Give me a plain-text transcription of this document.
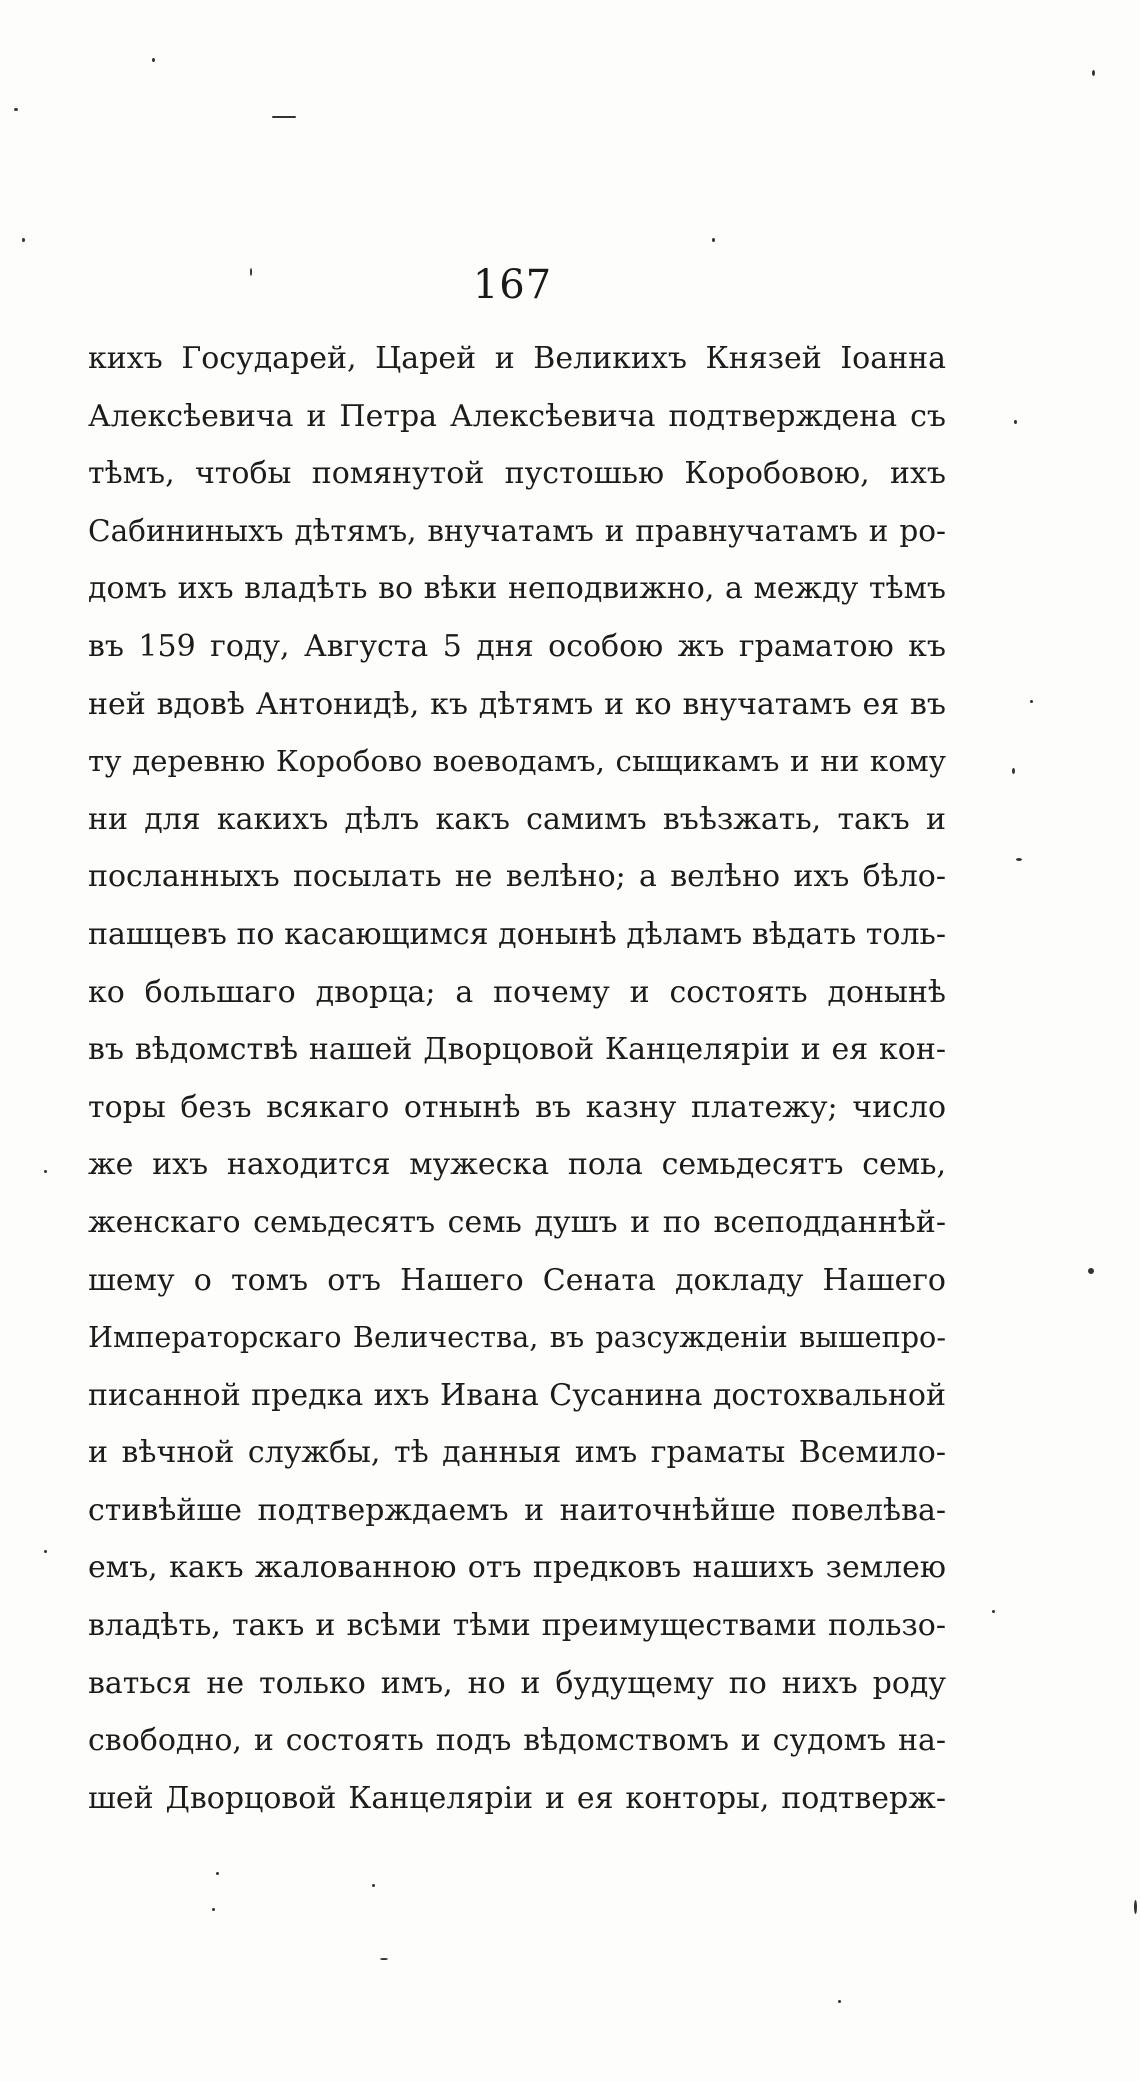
167
кихъ Государей, Царей и Великихъ Князей Іоанна
Алексѣевича и Петра Алексѣевича подтверждена съ
тѣмъ, чтобы помянутой пустошью Коробовою, ихъ
Сабининыхъ дѣтямъ, внучатамъ и правнучатамъ и ро-
домъ ихъ владѣть во вѣки неподвижно, а между тѣмъ
въ 159 году, Августа 5 дня особою жъ граматою къ
ней вдовѣ Антонидѣ, къ дѣтямъ и ко внучатамъ ея въ
ту деревню Коробово воеводамъ, сыщикамъ и ни кому
ни для какихъ дѣлъ какъ самимъ въѣзжать, такъ и
посланныхъ посылать не велѣно; а велѣно ихъ бѣло-
пашцевъ по касающимся донынѣ дѣламъ вѣдать толь-
ко большаго дворца; а почему и состоять донынѣ
въ вѣдомствѣ нашей Дворцовой Канцеляріи и ея кон-
торы безъ всякаго отнынѣ въ казну платежу; число
же ихъ находится мужеска пола семьдесятъ семь,
женскаго семьдесятъ семь душъ и по всеподданнѣй-
шему о томъ отъ Нашего Сената докладу Нашего
Императорскаго Величества, въ разсужденіи вышепро-
писанной предка ихъ Ивана Сусанина достохвальной
и вѣчной службы, тѣ данныя имъ граматы Всемило-
стивѣйше подтверждаемъ и наиточнѣйше повелѣва-
емъ, какъ жалованною отъ предковъ нашихъ землею
владѣть, такъ и всѣми тѣми преимуществами пользо-
ваться не только имъ, но и будущему по нихъ роду
свободно, и состоять подъ вѣдомствомъ и судомъ на-
шей Дворцовой Канцеляріи и ея конторы, подтверж-
